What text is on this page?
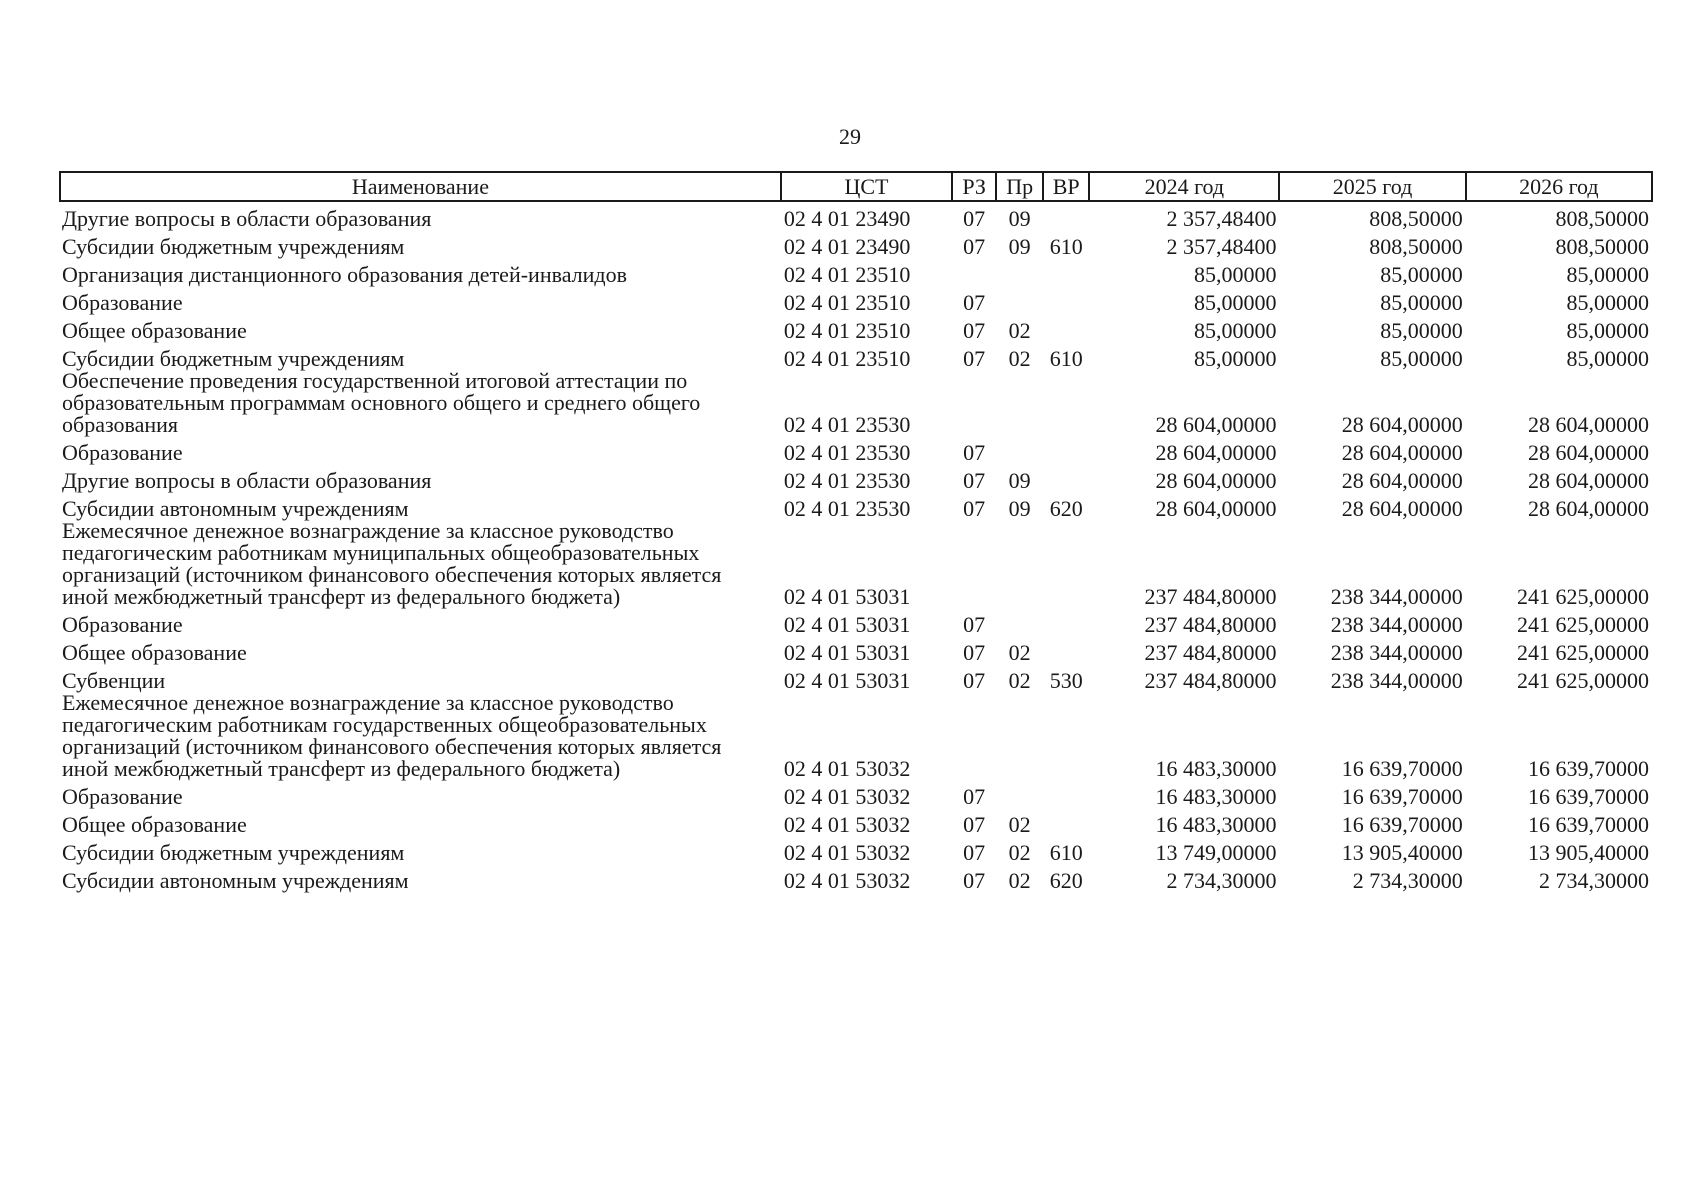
29
Наименование	ЦСТ	РЗ	Пр	ВР	2024 год	2025 год	2026 год
Другие вопросы в области образования	02 4 01 23490	07	09		2 357,48400	808,50000	808,50000
Субсидии бюджетным учреждениям	02 4 01 23490	07	09	610	2 357,48400	808,50000	808,50000
Организация дистанционного образования детей-инвалидов	02 4 01 23510				85,00000	85,00000	85,00000
Образование	02 4 01 23510	07			85,00000	85,00000	85,00000
Общее образование	02 4 01 23510	07	02		85,00000	85,00000	85,00000
Субсидии бюджетным учреждениям	02 4 01 23510	07	02	610	85,00000	85,00000	85,00000
Обеспечение проведения государственной итоговой аттестации по образовательным программам основного общего и среднего общего образования	02 4 01 23530				28 604,00000	28 604,00000	28 604,00000
Образование	02 4 01 23530	07			28 604,00000	28 604,00000	28 604,00000
Другие вопросы в области образования	02 4 01 23530	07	09		28 604,00000	28 604,00000	28 604,00000
Субсидии автономным учреждениям	02 4 01 23530	07	09	620	28 604,00000	28 604,00000	28 604,00000
Ежемесячное денежное вознаграждение за классное руководство педагогическим работникам муниципальных общеобразовательных организаций (источником финансового обеспечения которых является иной межбюджетный трансферт из федерального бюджета)	02 4 01 53031				237 484,80000	238 344,00000	241 625,00000
Образование	02 4 01 53031	07			237 484,80000	238 344,00000	241 625,00000
Общее образование	02 4 01 53031	07	02		237 484,80000	238 344,00000	241 625,00000
Субвенции	02 4 01 53031	07	02	530	237 484,80000	238 344,00000	241 625,00000
Ежемесячное денежное вознаграждение за классное руководство педагогическим работникам государственных общеобразовательных организаций (источником финансового обеспечения которых является иной межбюджетный трансферт из федерального бюджета)	02 4 01 53032				16 483,30000	16 639,70000	16 639,70000
Образование	02 4 01 53032	07			16 483,30000	16 639,70000	16 639,70000
Общее образование	02 4 01 53032	07	02		16 483,30000	16 639,70000	16 639,70000
Субсидии бюджетным учреждениям	02 4 01 53032	07	02	610	13 749,00000	13 905,40000	13 905,40000
Субсидии автономным учреждениям	02 4 01 53032	07	02	620	2 734,30000	2 734,30000	2 734,30000
